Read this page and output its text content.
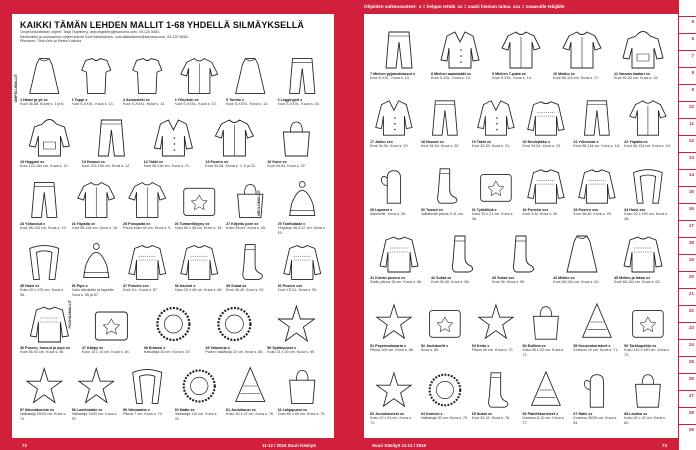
Ohjeiden vaikeusasteet: x = helppo tehdä xx = vaatii hieman taitoa xxx = osaavalle tekijälle
KAIKKI TÄMÄN LEHDEN MALLIT 1-68 YHDELLÄ SILMÄYKSELLÄ
Ompeluntuotteiden ohjeet: Tarja Tegelberg, tarja.tegelberg@sanoma.com, 09-120 5464.
Neuloosten ja puuhaamon ohjeet kokosi Outi Hakkarainen, outi.hakkarainen@sanoma.com, 09-120 5816.
Piirrokset: Tiina Keto ja Reeta Kukkola
OMPELUMALLIT
NEULOMALLIT
PUUHAAMALLIT
1 Hame ja yö xx
Koot 36-58. Kuvat s. 1 ja 6.
2 Toppi x
Koot S-XXXL. Kuva s. 13.
3 Asmusteki xx
Koot S-XXXL. Kuva s. 13.
4 Ylhurtoki xx
Koot S-XXXL. Kuva s. 13.
5 Tunika x
Koot S-XXXL. Kuva s. 14.
6 Leggingsit x
Koot S-XXXL. Kuva s. 16.
10 Huppari xx
Koot 122-164 cm. Kuva s. 12.
13 Housut xx
Koot 122-164 cm. Kuva s. 12.
14 Takki xx
Koot 98-164 cm. Kuva s. 21.
15 Pusero xx
Koot 34-54. Kuvat s. 1, 6 ja 22.
16 Kone xx
Koot 34-54. Kuva s. 22.
23 Yöhousut x
Koot 98-134 cm. Kuva s. 19.
24 Yöpaita xx
Koot 98-134 cm. Kuva s. 18.
25 Poropaita xx
Poron koko 40 cm. Kuva s. 9.
26 Tumanttilyyny xx
Koko 50 x 48 cm. Kuva s. 34.
27 Kirjottu pore xx
Koko 48 cm. Kuva s. 16.
29 Tonttulakki x
Ympärys 36,5-47 cm. Kuva s. 15.
35 Huivi xx
Koko 20 x 220 cm. Kuva s. 55.
36 Pipo x
Koko aikuiselle ja lapselle. Kuva s. 55 ja 57.
37 Poncho xxx
Koot S-L. Kuva s. 57.
38 Kauluri x
Koko 23 x 45 cm. Kuva s. 60.
39 Sukat xx
Koot 35-40. Kuva s. 61.
40 Pusero xxx
Koot XS-XL. Kuva s. 59.
46 Pusero, housut ja pipo xx
Koot 56-92 cm. Kuva s. 65.
47 Kääpy xx
Koko 15 x 10 cm. Kuva s. 64.
48 Kranssi x
Halkaisija 30 cm. Kuva s. 67.
49 Valoserja x
Pallon halkaisija 10 cm. Kuva s. 68.
50 Sydänpussi x
Koko 21 x 20 cm. Kuva s. 69.
57 Ikkunakoriste xx
Halkaisija 20/30 cm. Kuva s. 74.
58 Lumihiutale xx
Halkaisija 11/20 cm. Kuva s. 75.
59 Valonauha x
Pituus 7 cm. Kuva s. 74.
60 Matto xx
Halkaisija 110 cm. Kuva s. 78.
61 Joulukuusi xx
Koko 30 x 12 cm. Kuva s. 76.
62 Lahjapussi xx
Koko 60 x 60 cm. Kuva s. 75.
7 Miehen pyjamahousut x
Koot S-XXL. Kuva s. 14.
8 Miehen aamutakki xx
Koot S-XXL. Kuva s. 14.
9 Miehen T-paita xx
Koot S-XXL. Kuva s. 14.
10 Mekko xx
Koot 68-116 cm. Kuva s. 17.
11 Vauvan haalari xx
Koot 62-92 cm. Kuva s. 15.
17 Jakku xxx
Koot 34-54. Kuva s. 20.
18 Housut xx
Koot 34-54. Kuva s. 20.
19 Takki xx
Koot 34-54. Kuva s. 21.
20 Neulejakku x
Koot 34-54. Kuva s. 23.
21 Yöhousut x
Koot 98-134 cm. Kuva s. 18.
22 Yöpaita xx
Koot 98-134 cm. Kuva s. 19.
29 Lapaset x
Aikuiselle. Kuva s. 25.
30 Tossut xx
Jalkaterän pituus 9-11 cm.
31 Työkiliinä x
Koko 33 x 21 cm. Kuva s. 36.
32 Poncho xxx
Koot S-M. Kuva s. 50.
33 Pusero xxx
Koot 36-46. Kuva s. 29.
34 Huivi xxx
Koko 20 x 190 cm. Kuva s. 28.
41 Koiran pusero xx
Selän pituus 38 cm. Kuva s. 58.
42 Sukat xx
Koot 36-46. Kuva s. 58.
43 Sukat xxx
Koot 36. Kuva s. 59.
44 Mekko xx
Koot 68-104 cm. Kuva s. 62.
45 Mekko ja lakku xx
Koot 68-104 cm. Kuva s. 63.
51 Pepertuolasaria x
Pituus 100 cm. Kuva s. 68.
52 Joulukortit x
Kuva s. 69.
53 Kettu x
Pituus 40 cm. Kuva s. 70.
54 Esiliina xx
Koko 56 x 42 cm. Kuva s. 71.
55 Kuusenkoristeet x
Korkeus 10 cm. Kuva s. 71.
56 Tarkkupeitto xx
Koko 110 x 180 cm. Kuva s. 73.
63 Joulukoisteet xx
Koko 12 x 51 cm. Kuva s. 71.
64 Kranssi x
Halkaisija 30 cm. Kuva s. 79.
65 Sukat xx
Koot 34-42. Kuva s. 76.
66 Pakettikoristeet x
Korkeus 8-10 cm. Kuva s. 77.
67 Nalle xx
Korkeus 26/39 cm. Kuva s. 81.
68 Laukku xx
Koko 52 x 32 cm. Kuva s. 80.
72	11-12 / 2016 Suuri Käsityö	Suuri Käsityö 11-12 / 2016	73
5
6
7
8
9
10
11
12
13
14
15
16
17
18
19
20
21
22
23
24
25
26
27
28
29
